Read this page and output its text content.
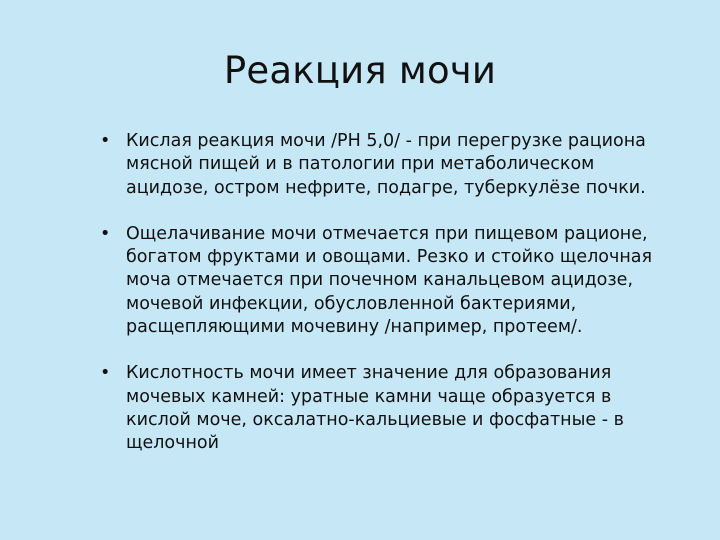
Реакция мочи
• Кислая реакция мочи /РН 5,0/ - при перегрузке рациона
мясной пищей и в патологии при метаболическом
ацидозе, остром нефрите, подагре, туберкулёзе почки.
• Ощелачивание мочи отмечается при пищевом рационе,
богатом фруктами и овощами. Резко и стойко щелочная
моча отмечается при почечном канальцевом ацидозе,
мочевой инфекции, обусловленной бактериями,
расщепляющими мочевину /например, протеем/.
• Кислотность мочи имеет значение для образования
мочевых камней: уратные камни чаще образуется в
кислой моче, оксалатно-кальциевые и фосфатные - в
щелочной
